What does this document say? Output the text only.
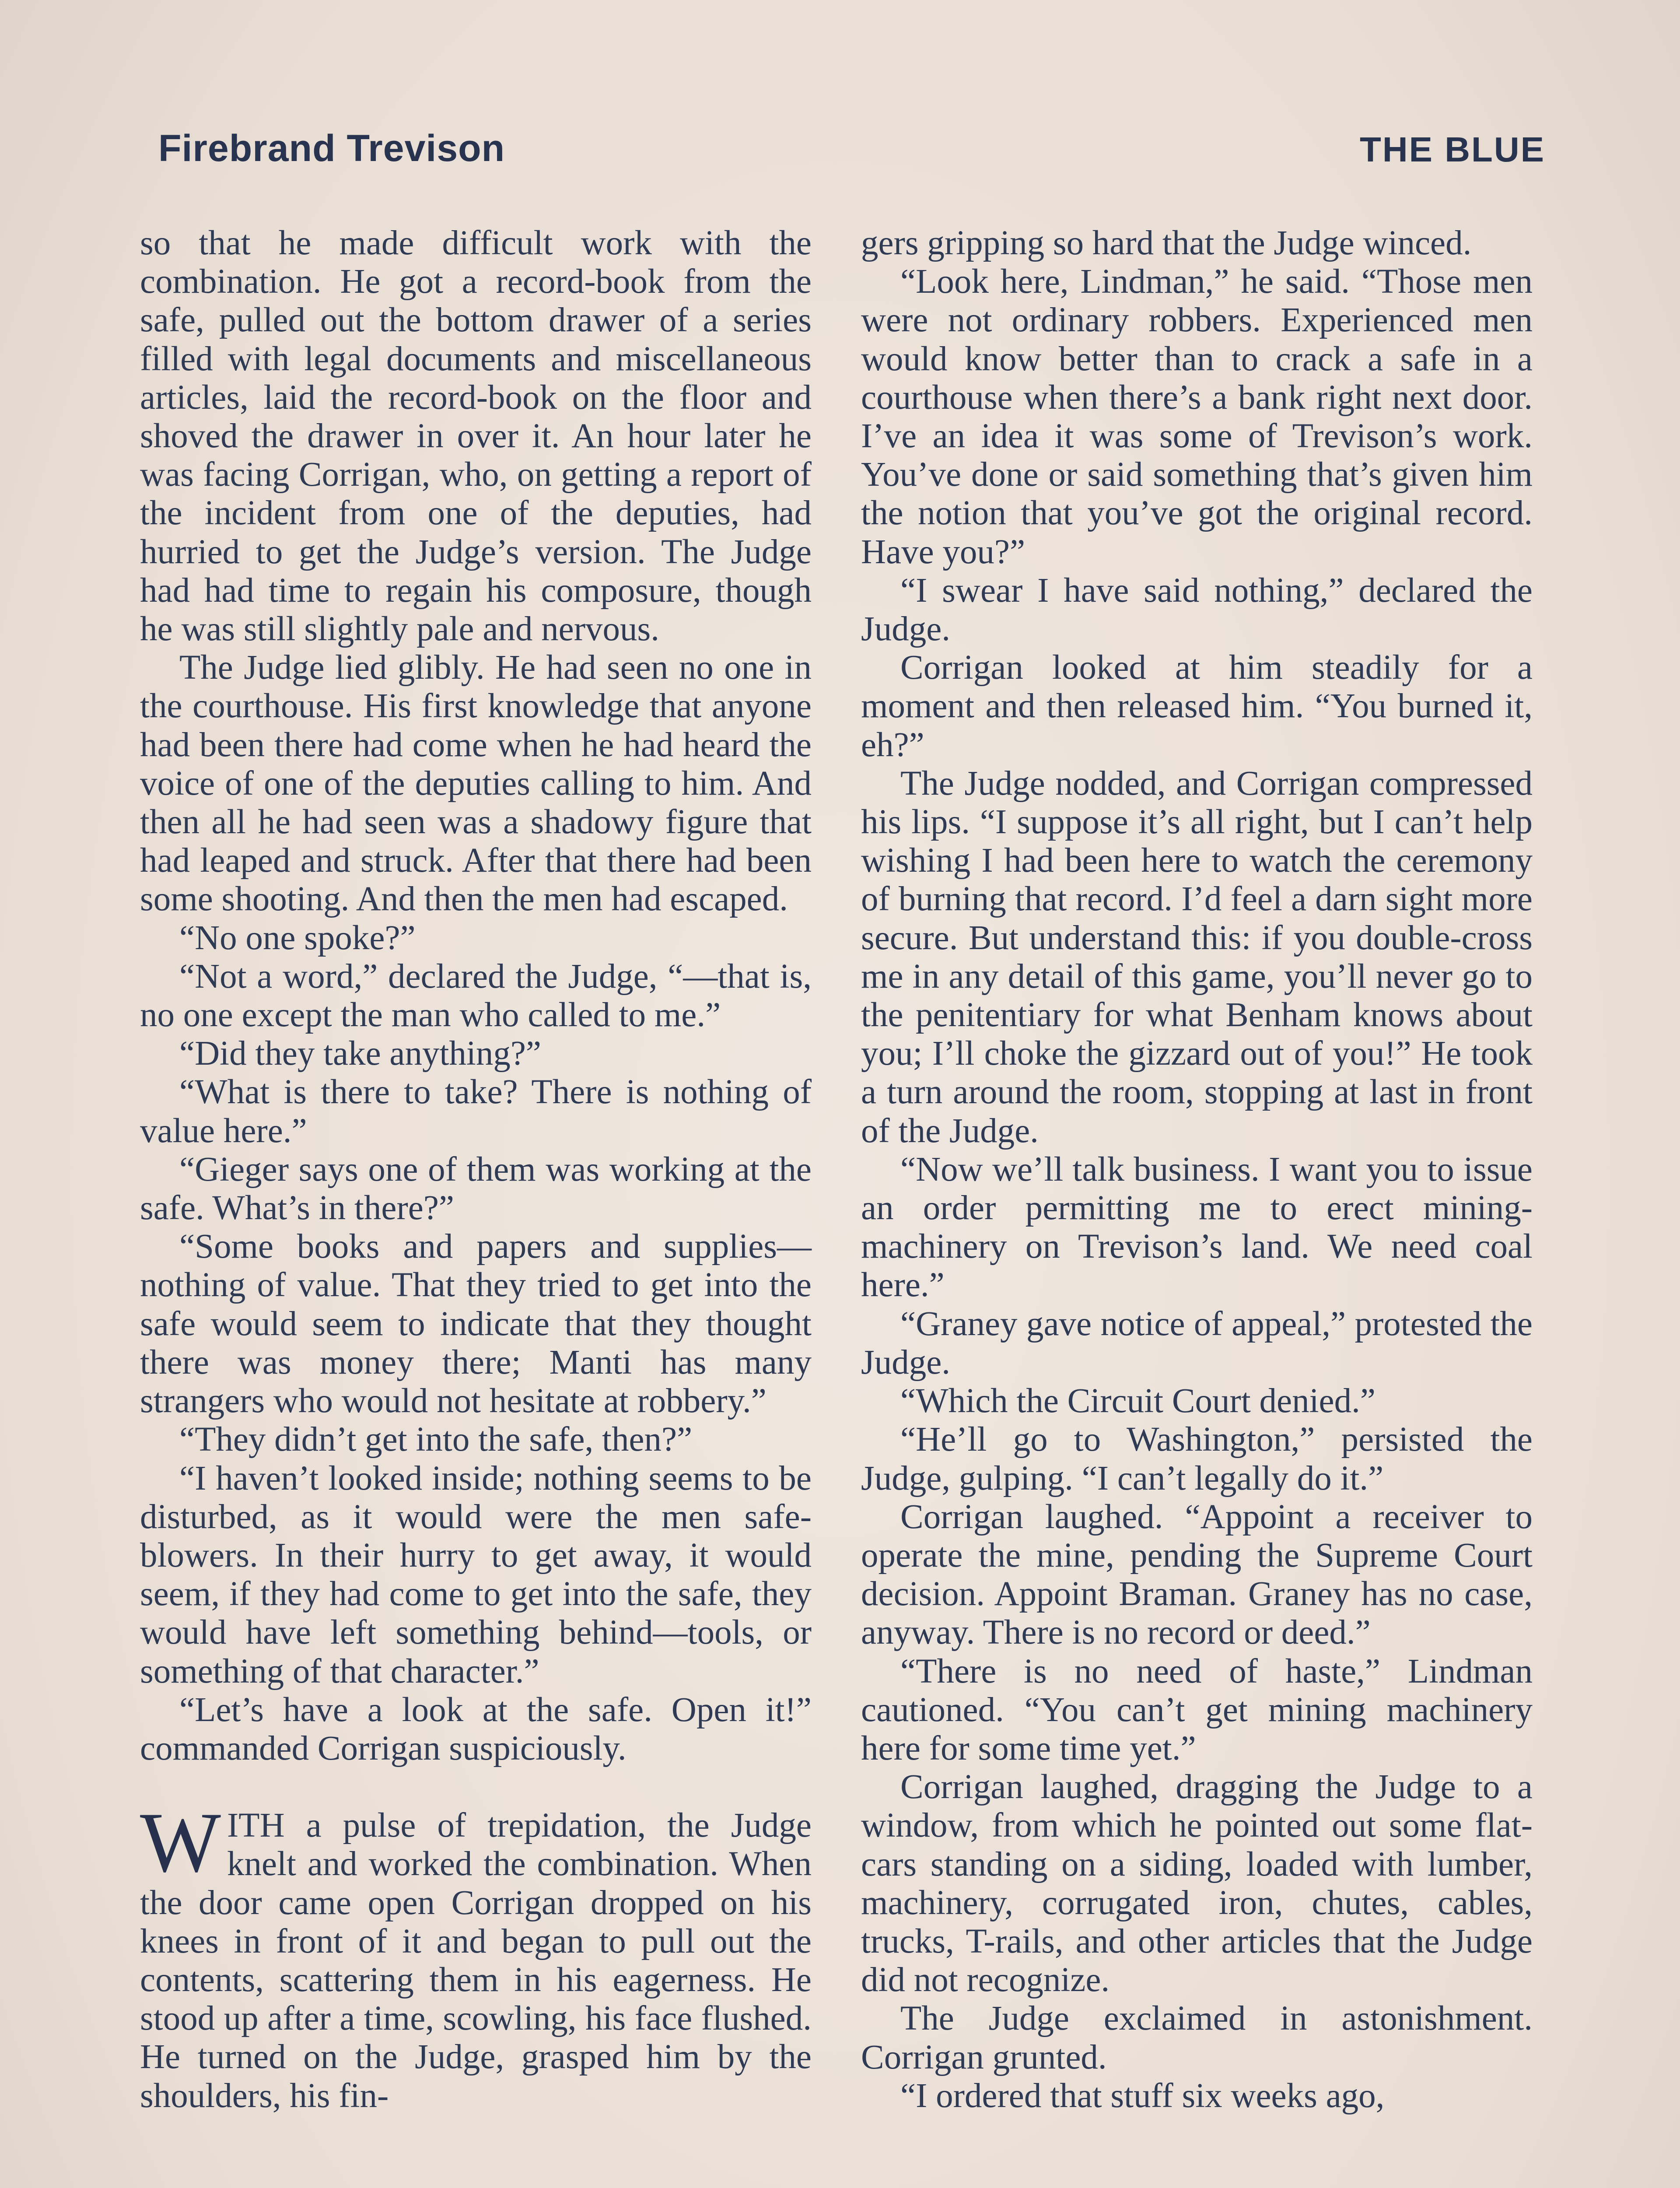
Firebrand Trevison	THE BLUE

so that he made difficult work with the combination. He got a record-book from the safe, pulled out the bottom drawer of a series filled with legal documents and miscellaneous articles, laid the record-book on the floor and shoved the drawer in over it. An hour later he was facing Corrigan, who, on getting a report of the incident from one of the deputies, had hurried to get the Judge’s version. The Judge had had time to regain his composure, though he was still slightly pale and nervous.

The Judge lied glibly. He had seen no one in the courthouse. His first knowledge that anyone had been there had come when he had heard the voice of one of the deputies calling to him. And then all he had seen was a shadowy figure that had leaped and struck. After that there had been some shooting. And then the men had escaped.

“No one spoke?”

“Not a word,” declared the Judge, “—that is, no one except the man who called to me.”

“Did they take anything?”

“What is there to take? There is nothing of value here.”

“Gieger says one of them was working at the safe. What’s in there?”

“Some books and papers and supplies—nothing of value. That they tried to get into the safe would seem to indicate that they thought there was money there; Manti has many strangers who would not hesitate at robbery.”

“They didn’t get into the safe, then?”

“I haven’t looked inside; nothing seems to be disturbed, as it would were the men safe-blowers. In their hurry to get away, it would seem, if they had come to get into the safe, they would have left something behind—tools, or something of that character.”

“Let’s have a look at the safe. Open it!” commanded Corrigan suspiciously.

WITH a pulse of trepidation, the Judge knelt and worked the combination. When the door came open Corrigan dropped on his knees in front of it and began to pull out the contents, scattering them in his eagerness. He stood up after a time, scowling, his face flushed. He turned on the Judge, grasped him by the shoulders, his fin-

gers gripping so hard that the Judge winced.

“Look here, Lindman,” he said. “Those men were not ordinary robbers. Experienced men would know better than to crack a safe in a courthouse when there’s a bank right next door. I’ve an idea it was some of Trevison’s work. You’ve done or said something that’s given him the notion that you’ve got the original record. Have you?”

“I swear I have said nothing,” declared the Judge.

Corrigan looked at him steadily for a moment and then released him. “You burned it, eh?”

The Judge nodded, and Corrigan compressed his lips. “I suppose it’s all right, but I can’t help wishing I had been here to watch the ceremony of burning that record. I’d feel a darn sight more secure. But understand this: if you double-cross me in any detail of this game, you’ll never go to the penitentiary for what Benham knows about you; I’ll choke the gizzard out of you!” He took a turn around the room, stopping at last in front of the Judge.

“Now we’ll talk business. I want you to issue an order permitting me to erect mining-machinery on Trevison’s land. We need coal here.”

“Graney gave notice of appeal,” protested the Judge.

“Which the Circuit Court denied.”

“He’ll go to Washington,” persisted the Judge, gulping. “I can’t legally do it.”

Corrigan laughed. “Appoint a receiver to operate the mine, pending the Supreme Court decision. Appoint Braman. Graney has no case, anyway. There is no record or deed.”

“There is no need of haste,” Lindman cautioned. “You can’t get mining machinery here for some time yet.”

Corrigan laughed, dragging the Judge to a window, from which he pointed out some flat-cars standing on a siding, loaded with lumber, machinery, corrugated iron, chutes, cables, trucks, T-rails, and other articles that the Judge did not recognize.

The Judge exclaimed in astonishment. Corrigan grunted.

“I ordered that stuff six weeks ago,
